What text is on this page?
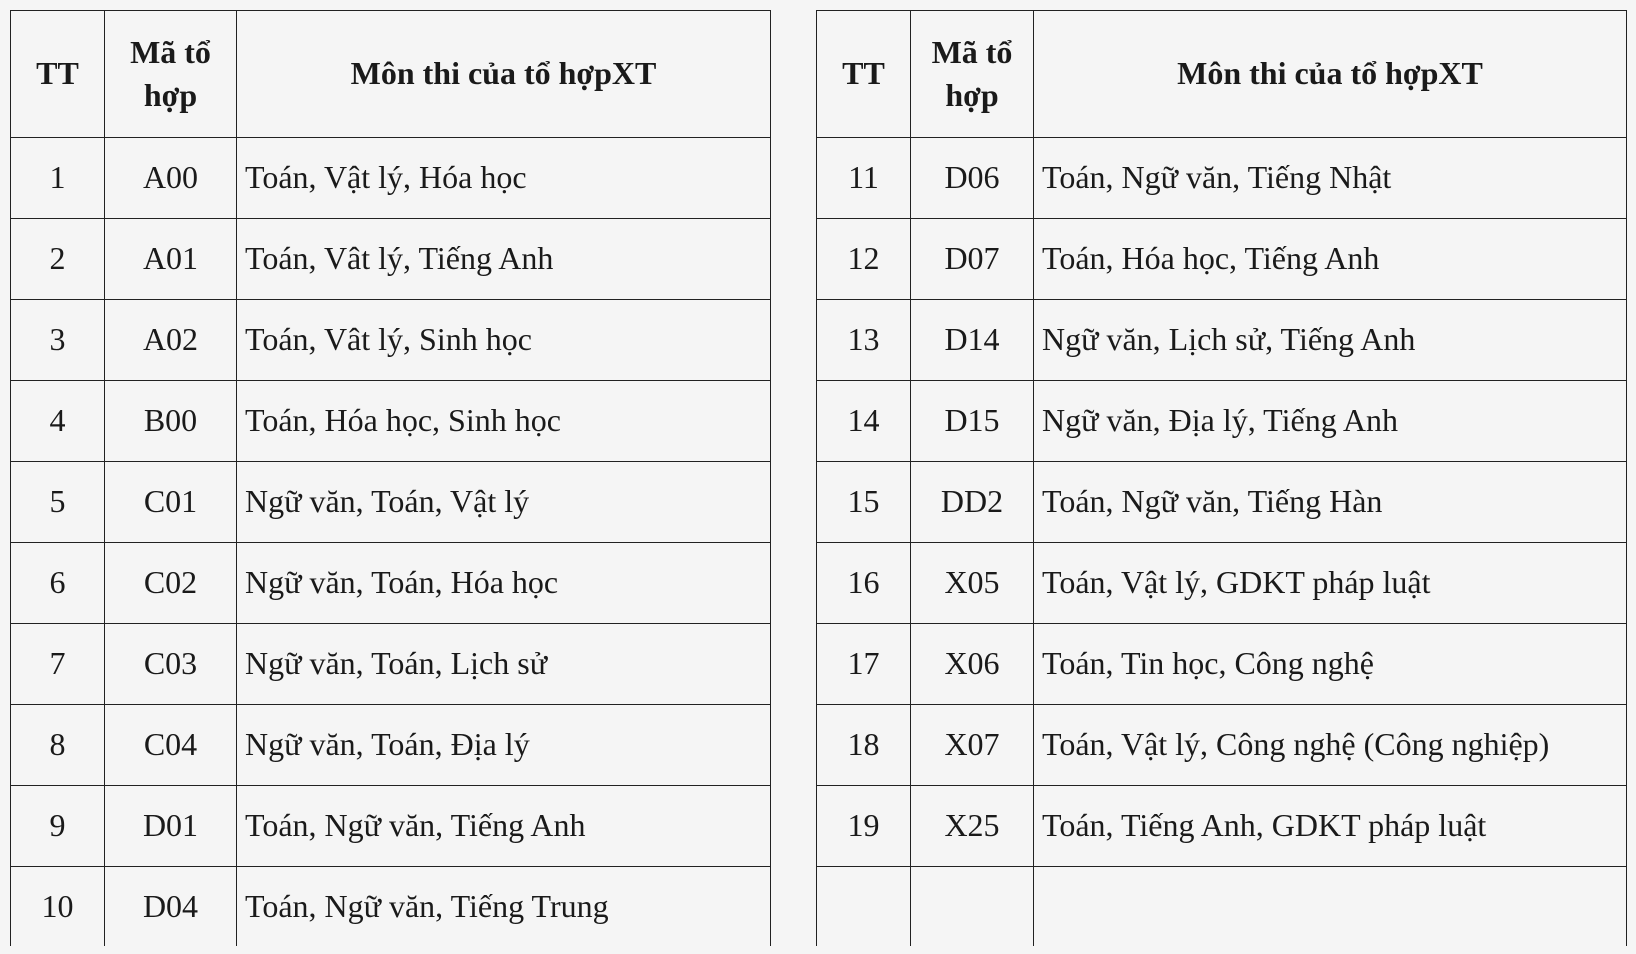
TT	Mã tổ hợp	Môn thi của tổ hợpXT
1	A00	Toán, Vật lý, Hóa học
2	A01	Toán, Vât lý, Tiếng Anh
3	A02	Toán, Vât lý, Sinh học
4	B00	Toán, Hóa học, Sinh học
5	C01	Ngữ văn, Toán, Vật lý
6	C02	Ngữ văn, Toán, Hóa học
7	C03	Ngữ văn, Toán, Lịch sử
8	C04	Ngữ văn, Toán, Địa lý
9	D01	Toán, Ngữ văn, Tiếng Anh
10	D04	Toán, Ngữ văn, Tiếng Trung
TT	Mã tổ hợp	Môn thi của tổ hợpXT
11	D06	Toán, Ngữ văn, Tiếng Nhật
12	D07	Toán, Hóa học, Tiếng Anh
13	D14	Ngữ văn, Lịch sử, Tiếng Anh
14	D15	Ngữ văn, Địa lý, Tiếng Anh
15	DD2	Toán, Ngữ văn, Tiếng Hàn
16	X05	Toán, Vật lý, GDKT pháp luật
17	X06	Toán, Tin học, Công nghệ
18	X07	Toán, Vật lý, Công nghệ (Công nghiệp)
19	X25	Toán, Tiếng Anh, GDKT pháp luật
